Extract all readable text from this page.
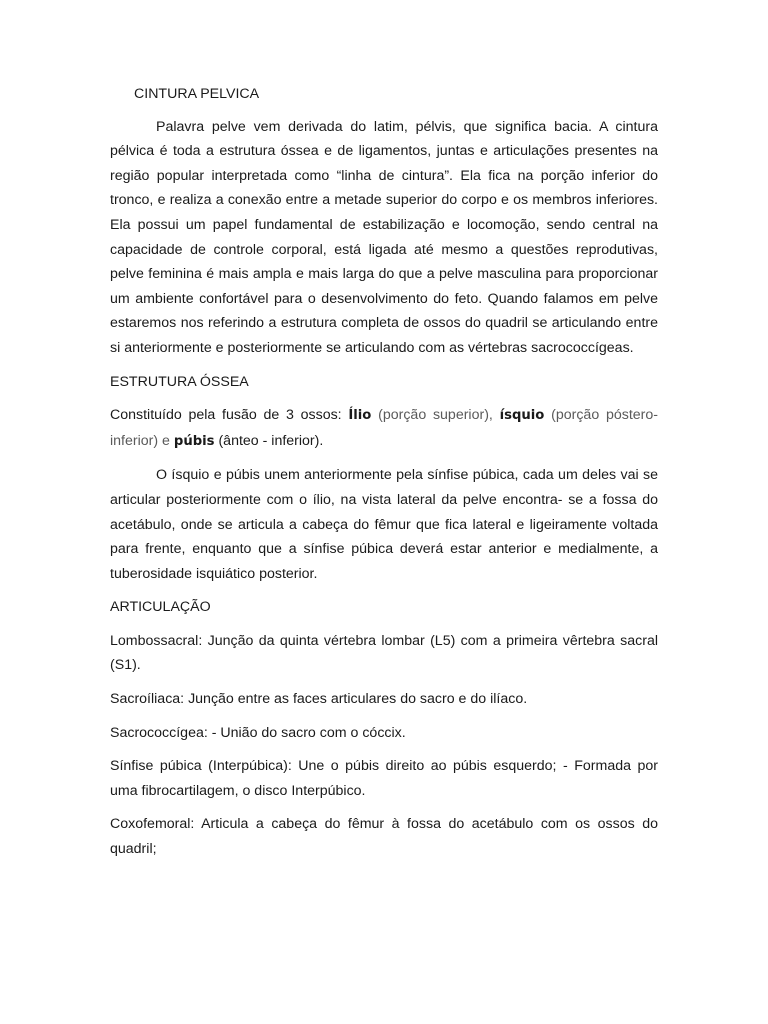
CINTURA PELVICA

Palavra pelve vem derivada do latim, pélvis, que significa bacia. A cintura pélvica é toda a estrutura óssea e de ligamentos, juntas e articulações presentes na região popular interpretada como “linha de cintura”. Ela fica na porção inferior do tronco, e realiza a conexão entre a metade superior do corpo e os membros inferiores. Ela possui um papel fundamental de estabilização e locomoção, sendo central na capacidade de controle corporal, está ligada até mesmo a questões reprodutivas, pelve feminina é mais ampla e mais larga do que a pelve masculina para proporcionar um ambiente confortável para o desenvolvimento do feto. Quando falamos em pelve estaremos nos referindo a estrutura completa de ossos do quadril se articulando entre si anteriormente e posteriormente se articulando com as vértebras sacrococcígeas.

ESTRUTURA ÓSSEA

Constituído pela fusão de 3 ossos: Ílio (porção superior), ísquio (porção póstero-inferior) e púbis (ânteo - inferior).

O ísquio e púbis unem anteriormente pela sínfise púbica, cada um deles vai se articular posteriormente com o ílio, na vista lateral da pelve encontra- se a fossa do acetábulo, onde se articula a cabeça do fêmur que fica lateral e ligeiramente voltada para frente, enquanto que a sínfise púbica deverá estar anterior e medialmente, a tuberosidade isquiático posterior.

ARTICULAÇÃO

Lombossacral: Junção da quinta vértebra lombar (L5) com a primeira vêrtebra sacral (S1).

Sacroíliaca: Junção entre as faces articulares do sacro e do ilíaco.

Sacrococcígea: - União do sacro com o cóccix.

Sínfise púbica (Interpúbica): Une o púbis direito ao púbis esquerdo; - Formada por uma fibrocartilagem, o disco Interpúbico.

Coxofemoral: Articula a cabeça do fêmur à fossa do acetábulo com os ossos do quadril;
